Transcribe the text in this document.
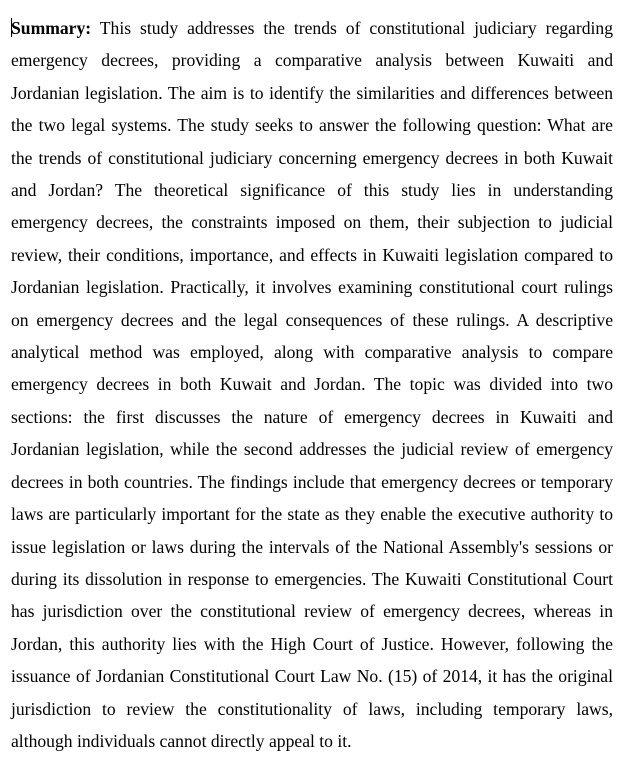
Summary: This study addresses the trends of constitutional judiciary regarding emergency decrees, providing a comparative analysis between Kuwaiti and Jordanian legislation. The aim is to identify the similarities and differences between the two legal systems. The study seeks to answer the following question: What are the trends of constitutional judiciary concerning emergency decrees in both Kuwait and Jordan? The theoretical significance of this study lies in understanding emergency decrees, the constraints imposed on them, their subjection to judicial review, their conditions, importance, and effects in Kuwaiti legislation compared to Jordanian legislation. Practically, it involves examining constitutional court rulings on emergency decrees and the legal consequences of these rulings. A descriptive analytical method was employed, along with comparative analysis to compare emergency decrees in both Kuwait and Jordan. The topic was divided into two sections: the first discusses the nature of emergency decrees in Kuwaiti and Jordanian legislation, while the second addresses the judicial review of emergency decrees in both countries. The findings include that emergency decrees or temporary laws are particularly important for the state as they enable the executive authority to issue legislation or laws during the intervals of the National Assembly's sessions or during its dissolution in response to emergencies. The Kuwaiti Constitutional Court has jurisdiction over the constitutional review of emergency decrees, whereas in Jordan, this authority lies with the High Court of Justice. However, following the issuance of Jordanian Constitutional Court Law No. (15) of 2014, it has the original jurisdiction to review the constitutionality of laws, including temporary laws, although individuals cannot directly appeal to it.
